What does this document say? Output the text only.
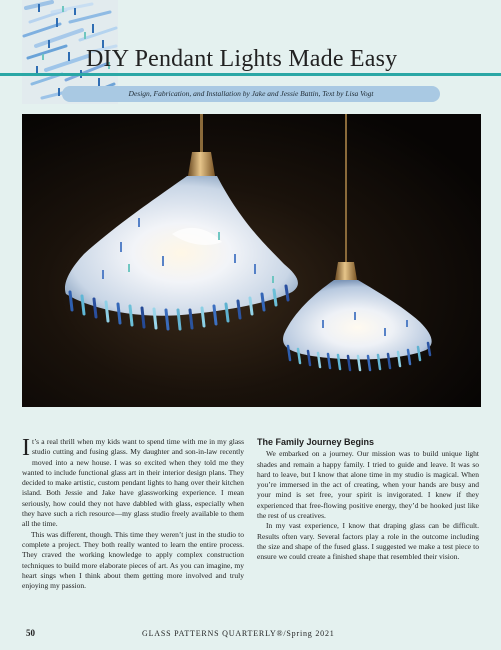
DIY Pendant Lights Made Easy
Design, Fabrication, and Installation by Jake and Jessie Battin, Text by Lisa Vogt

It’s a real thrill when my kids want to spend time with me in my glass studio cutting and fusing glass. My daughter and son-in-law recently moved into a new house. I was so excited when they told me they wanted to include functional glass art in their interior design plans. They decided to make artistic, custom pendant lights to hang over their kitchen island. Both Jessie and Jake have glassworking experience. I mean seriously, how could they not have dabbled with glass, especially when they have such a rich resource—my glass studio freely available to them all the time.

This was different, though. This time they weren’t just in the studio to complete a project. They both really wanted to learn the entire process. They craved the working knowledge to apply complex construction techniques to build more elaborate pieces of art. As you can imagine, my heart sings when I think about them getting more involved and truly enjoying my passion.

The Family Journey Begins

We embarked on a journey. Our mission was to build unique light shades and remain a happy family. I tried to guide and leave. It was so hard to leave, but I know that alone time in my studio is magical. When you’re immersed in the act of creating, when your hands are busy and your mind is set free, your spirit is invigorated. I knew if they experienced that free-flowing positive energy, they’d be hooked just like the rest of us creatives.

In my vast experience, I know that draping glass can be difficult. Results often vary. Several factors play a role in the outcome including the size and shape of the fused glass. I suggested we make a test piece to ensure we could create a finished shape that resembled their vision.

50	GLASS PATTERNS QUARTERLY®/Spring 2021
